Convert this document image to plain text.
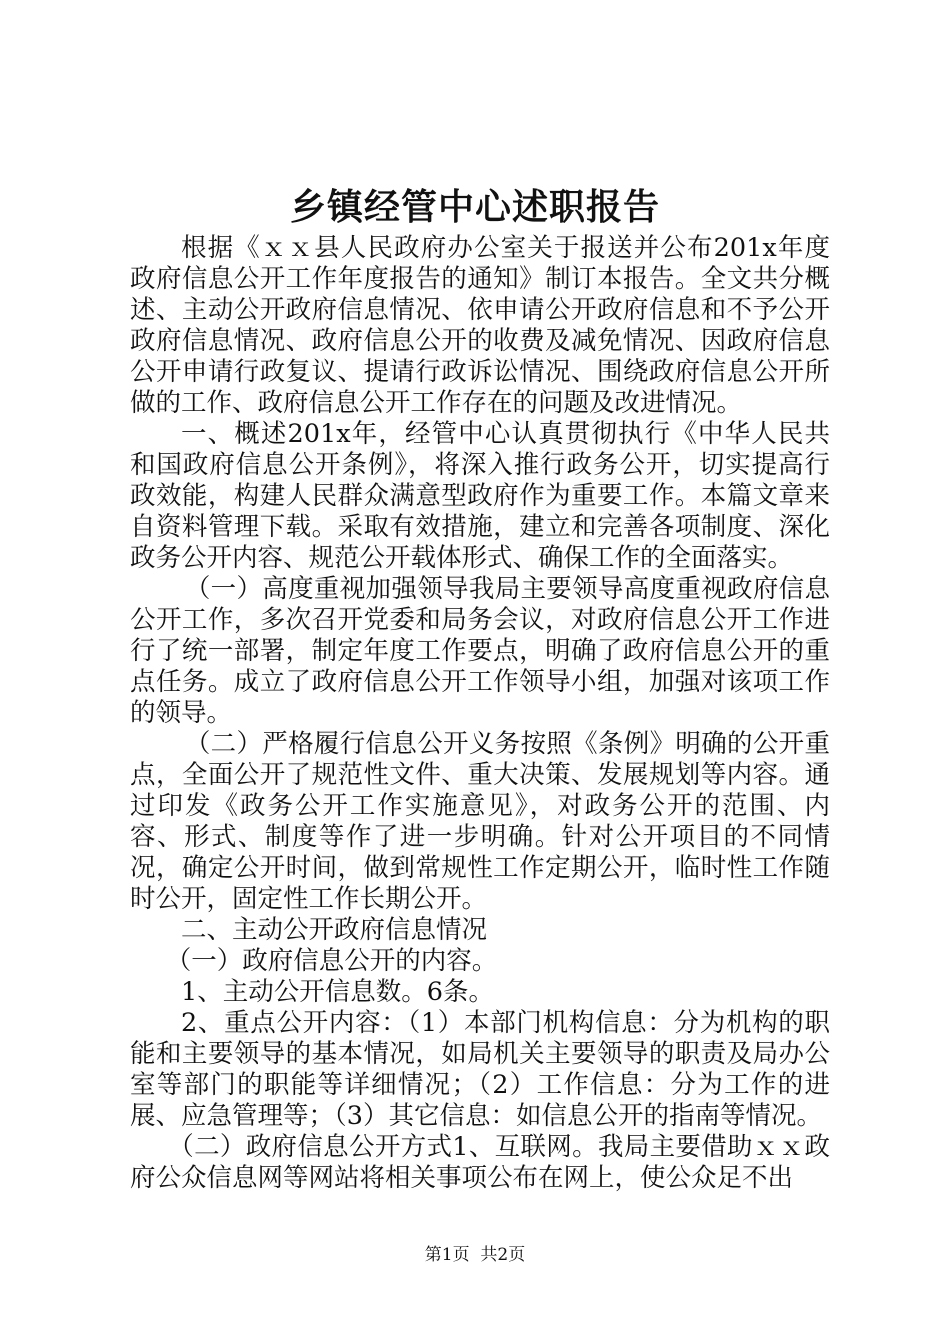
乡镇经管中心述职报告

根据《ｘｘ县人民政府办公室关于报送并公布201x年度政府信息公开工作年度报告的通知》制订本报告。全文共分概述、主动公开政府信息情况、依申请公开政府信息和不予公开政府信息情况、政府信息公开的收费及减免情况、因政府信息公开申请行政复议、提请行政诉讼情况、围绕政府信息公开所做的工作、政府信息公开工作存在的问题及改进情况。

一、概述201x年，经管中心认真贯彻执行《中华人民共和国政府信息公开条例》，将深入推行政务公开，切实提高行政效能，构建人民群众满意型政府作为重要工作。本篇文章来自资料管理下载。采取有效措施，建立和完善各项制度、深化政务公开内容、规范公开载体形式、确保工作的全面落实。

（一）高度重视加强领导我局主要领导高度重视政府信息公开工作，多次召开党委和局务会议，对政府信息公开工作进行了统一部署，制定年度工作要点，明确了政府信息公开的重点任务。成立了政府信息公开工作领导小组，加强对该项工作的领导。

（二）严格履行信息公开义务按照《条例》明确的公开重点，全面公开了规范性文件、重大决策、发展规划等内容。通过印发《政务公开工作实施意见》，对政务公开的范围、内容、形式、制度等作了进一步明确。针对公开项目的不同情况，确定公开时间，做到常规性工作定期公开，临时性工作随时公开，固定性工作长期公开。

二、主动公开政府信息情况

（一）政府信息公开的内容。

1、主动公开信息数。6条。

2、重点公开内容：（1）本部门机构信息：分为机构的职能和主要领导的基本情况，如局机关主要领导的职责及局办公室等部门的职能等详细情况；（2）工作信息：分为工作的进展、应急管理等；（3）其它信息：如信息公开的指南等情况。

（二）政府信息公开方式1、互联网。我局主要借助ｘｘ政府公众信息网等网站将相关事项公布在网上，使公众足不出

第1页  共2页
